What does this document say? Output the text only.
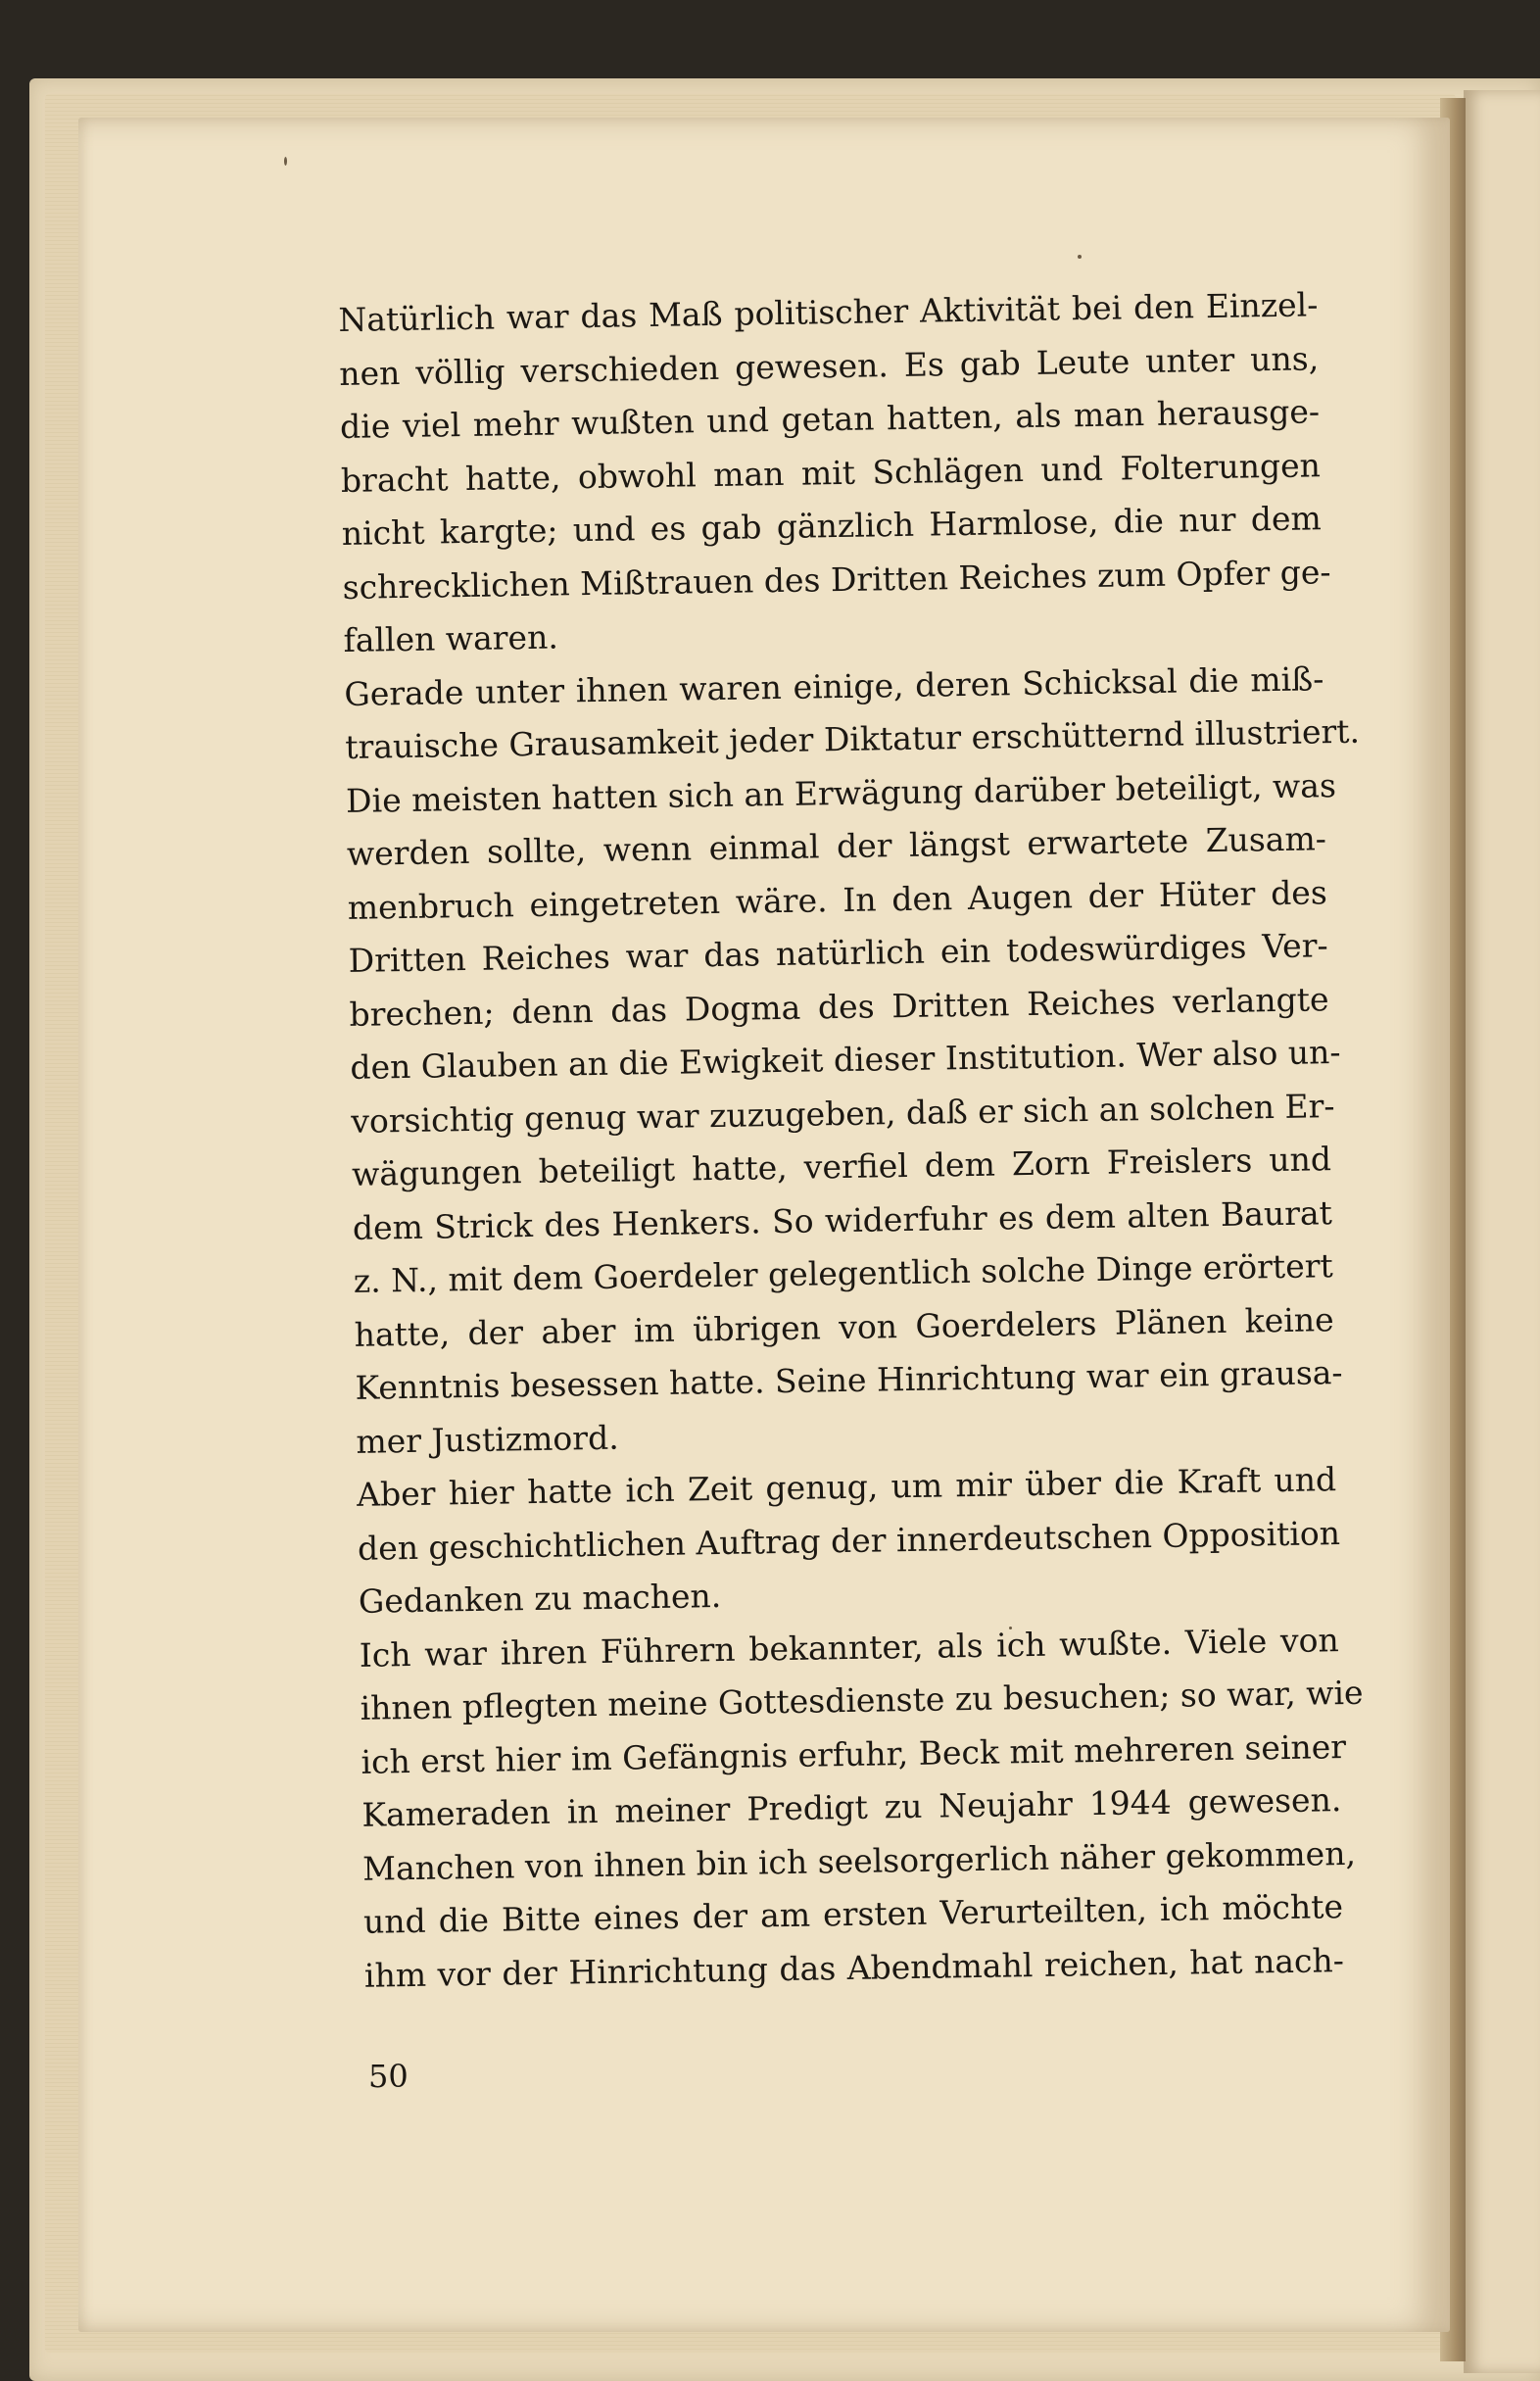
Natürlich war das Maß politischer Aktivität bei den Einzel-
nen völlig verschieden gewesen. Es gab Leute unter uns,
die viel mehr wußten und getan hatten, als man herausge-
bracht hatte, obwohl man mit Schlägen und Folterungen
nicht kargte; und es gab gänzlich Harmlose, die nur dem
schrecklichen Mißtrauen des Dritten Reiches zum Opfer ge-
fallen waren.
Gerade unter ihnen waren einige, deren Schicksal die miß-
trauische Grausamkeit jeder Diktatur erschütternd illustriert.
Die meisten hatten sich an Erwägung darüber beteiligt, was
werden sollte, wenn einmal der längst erwartete Zusam-
menbruch eingetreten wäre. In den Augen der Hüter des
Dritten Reiches war das natürlich ein todeswürdiges Ver-
brechen; denn das Dogma des Dritten Reiches verlangte
den Glauben an die Ewigkeit dieser Institution. Wer also un-
vorsichtig genug war zuzugeben, daß er sich an solchen Er-
wägungen beteiligt hatte, verfiel dem Zorn Freislers und
dem Strick des Henkers. So widerfuhr es dem alten Baurat
z. N., mit dem Goerdeler gelegentlich solche Dinge erörtert
hatte, der aber im übrigen von Goerdelers Plänen keine
Kenntnis besessen hatte. Seine Hinrichtung war ein grausa-
mer Justizmord.
Aber hier hatte ich Zeit genug, um mir über die Kraft und
den geschichtlichen Auftrag der innerdeutschen Opposition
Gedanken zu machen.
Ich war ihren Führern bekannter, als ich wußte. Viele von
ihnen pflegten meine Gottesdienste zu besuchen; so war, wie
ich erst hier im Gefängnis erfuhr, Beck mit mehreren seiner
Kameraden in meiner Predigt zu Neujahr 1944 gewesen.
Manchen von ihnen bin ich seelsorgerlich näher gekommen,
und die Bitte eines der am ersten Verurteilten, ich möchte
ihm vor der Hinrichtung das Abendmahl reichen, hat nach-
50
